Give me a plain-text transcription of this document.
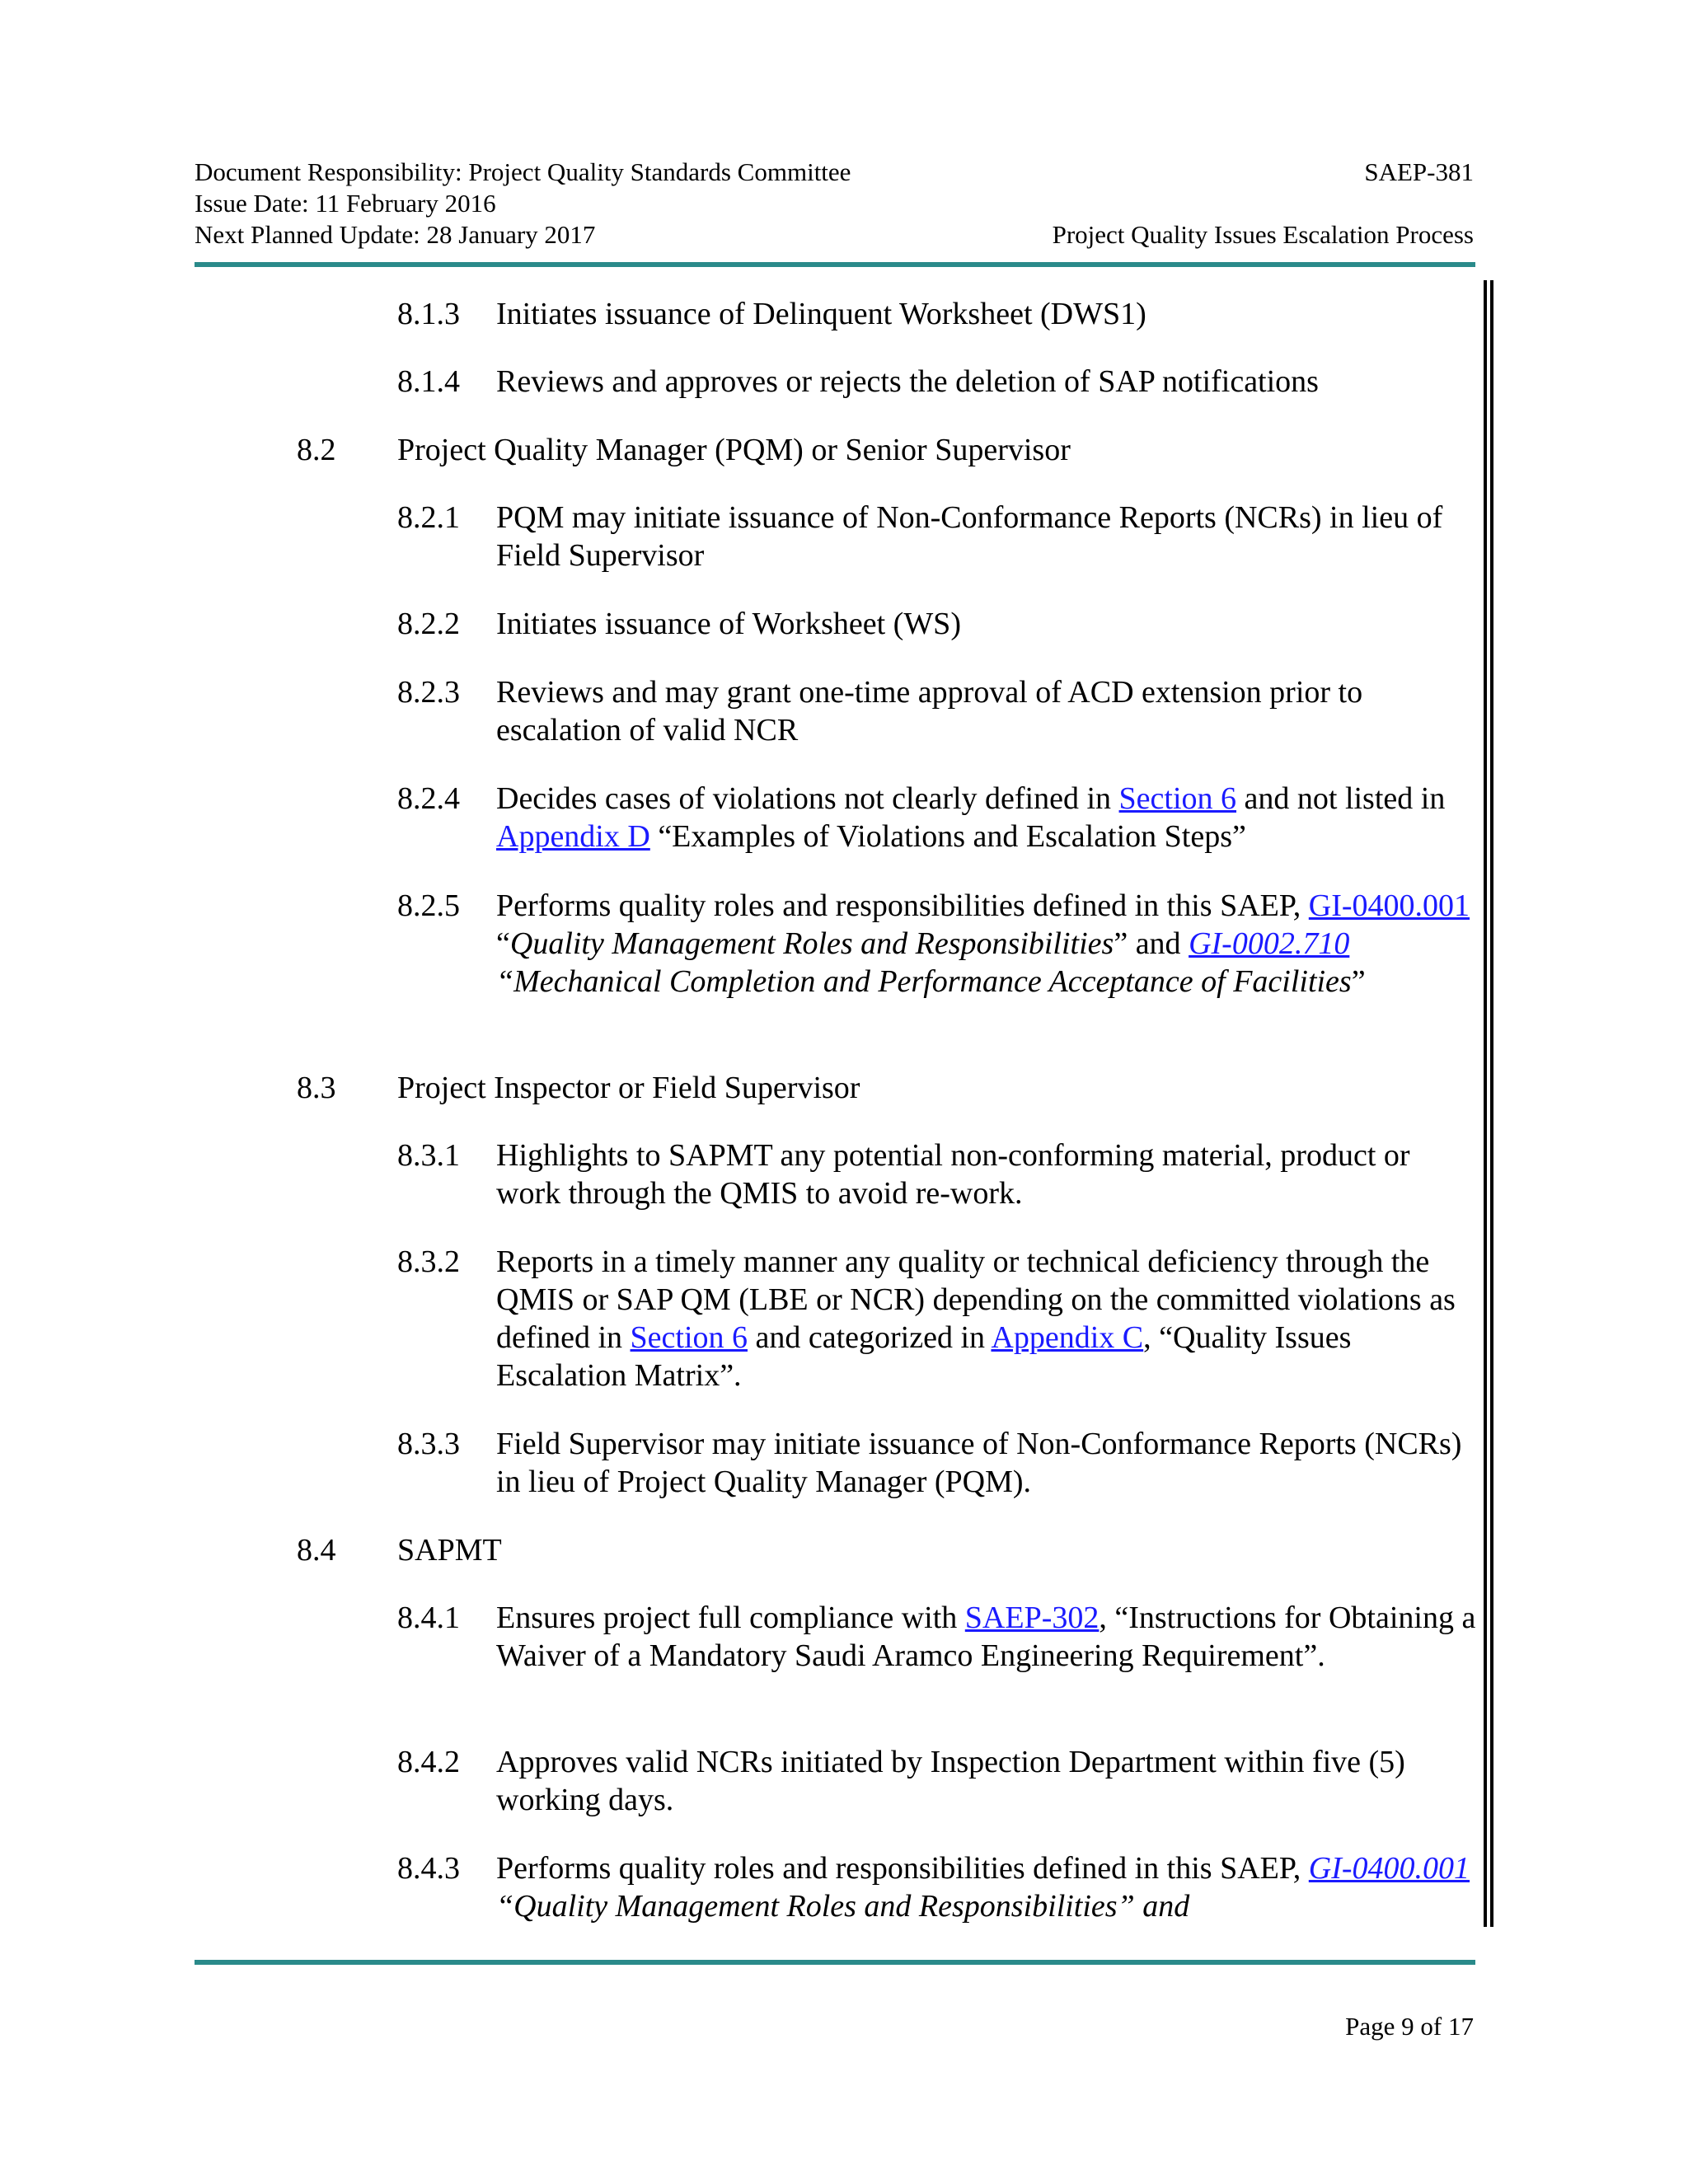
Document Responsibility: Project Quality Standards Committee
Issue Date: 11 February 2016
Next Planned Update: 28 January 2017
SAEP-381
Project Quality Issues Escalation Process
8.1.3 Initiates issuance of Delinquent Worksheet (DWS1)
8.1.4 Reviews and approves or rejects the deletion of SAP notifications
8.2 Project Quality Manager (PQM) or Senior Supervisor
8.2.1 PQM may initiate issuance of Non-Conformance Reports (NCRs) in lieu of Field Supervisor
8.2.2 Initiates issuance of Worksheet (WS)
8.2.3 Reviews and may grant one-time approval of ACD extension prior to escalation of valid NCR
8.2.4 Decides cases of violations not clearly defined in Section 6 and not listed in Appendix D “Examples of Violations and Escalation Steps”
8.2.5 Performs quality roles and responsibilities defined in this SAEP, GI-0400.001 “Quality Management Roles and Responsibilities” and GI-0002.710 “Mechanical Completion and Performance Acceptance of Facilities”
8.3 Project Inspector or Field Supervisor
8.3.1 Highlights to SAPMT any potential non-conforming material, product or work through the QMIS to avoid re-work.
8.3.2 Reports in a timely manner any quality or technical deficiency through the QMIS or SAP QM (LBE or NCR) depending on the committed violations as defined in Section 6 and categorized in Appendix C, “Quality Issues Escalation Matrix”.
8.3.3 Field Supervisor may initiate issuance of Non-Conformance Reports (NCRs) in lieu of Project Quality Manager (PQM).
8.4 SAPMT
8.4.1 Ensures project full compliance with SAEP-302, “Instructions for Obtaining a Waiver of a Mandatory Saudi Aramco Engineering Requirement”.
8.4.2 Approves valid NCRs initiated by Inspection Department within five (5) working days.
8.4.3 Performs quality roles and responsibilities defined in this SAEP, GI-0400.001 “Quality Management Roles and Responsibilities” and
Page 9 of 17
